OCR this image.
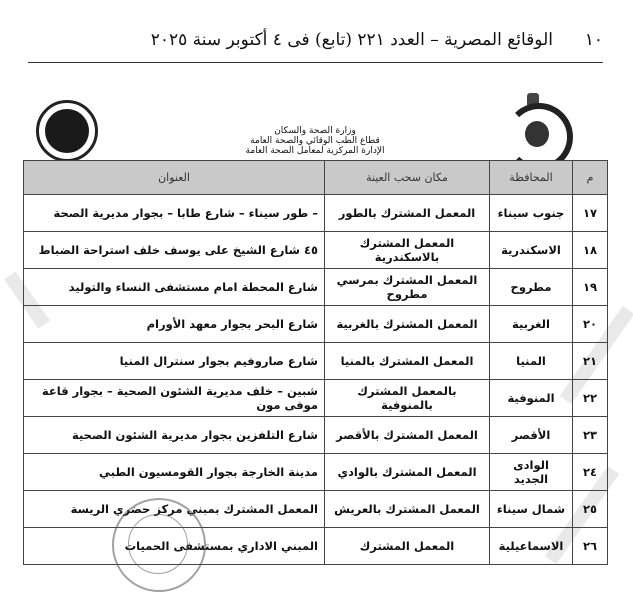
١٠
الوقائع المصرية – العدد ٢٢١ (تابع) فى ٤ أكتوبر سنة ٢٠٢٥
وزارة الصحة والسكان
قطاع الطب الوقائي والصحة العامة
الإدارة المركزية لمعامل الصحة العامة
م	المحافظة	مكان سحب العينة	العنوان
١٧	جنوب سيناء	المعمل المشترك بالطور	– طور سيناء – شارع طابا – بجوار مديرية الصحة
١٨	الاسكندرية	المعمل المشترك بالاسكندرية	٤٥ شارع الشيخ على يوسف خلف استراحة الضباط
١٩	مطروح	المعمل المشترك بمرسي مطروح	شارع المحطة امام مستشفى النساء والتوليد
٢٠	الغربية	المعمل المشترك بالغربية	شارع البحر بجوار معهد الأورام
٢١	المنيا	المعمل المشترك بالمنيا	شارع صاروفيم بجوار سنترال المنيا
٢٢	المنوفية	بالمعمل المشترك بالمنوفية	شبين – خلف مديرية الشئون الصحية – بجوار قاعة موفى مون
٢٣	الأقصر	المعمل المشترك بالأقصر	شارع التلفزين بجوار مديرية الشئون الصحية
٢٤	الوادى الجديد	المعمل المشترك بالوادي	مدينة الخارجة بجوار القومسيون الطبي
٢٥	شمال سيناء	المعمل المشترك بالعريش	المعمل المشترك بمبني مركز حضري الريسة
٢٦	الاسماعيلية	المعمل المشترك	المبني الاداري بمستشفى الحميات
